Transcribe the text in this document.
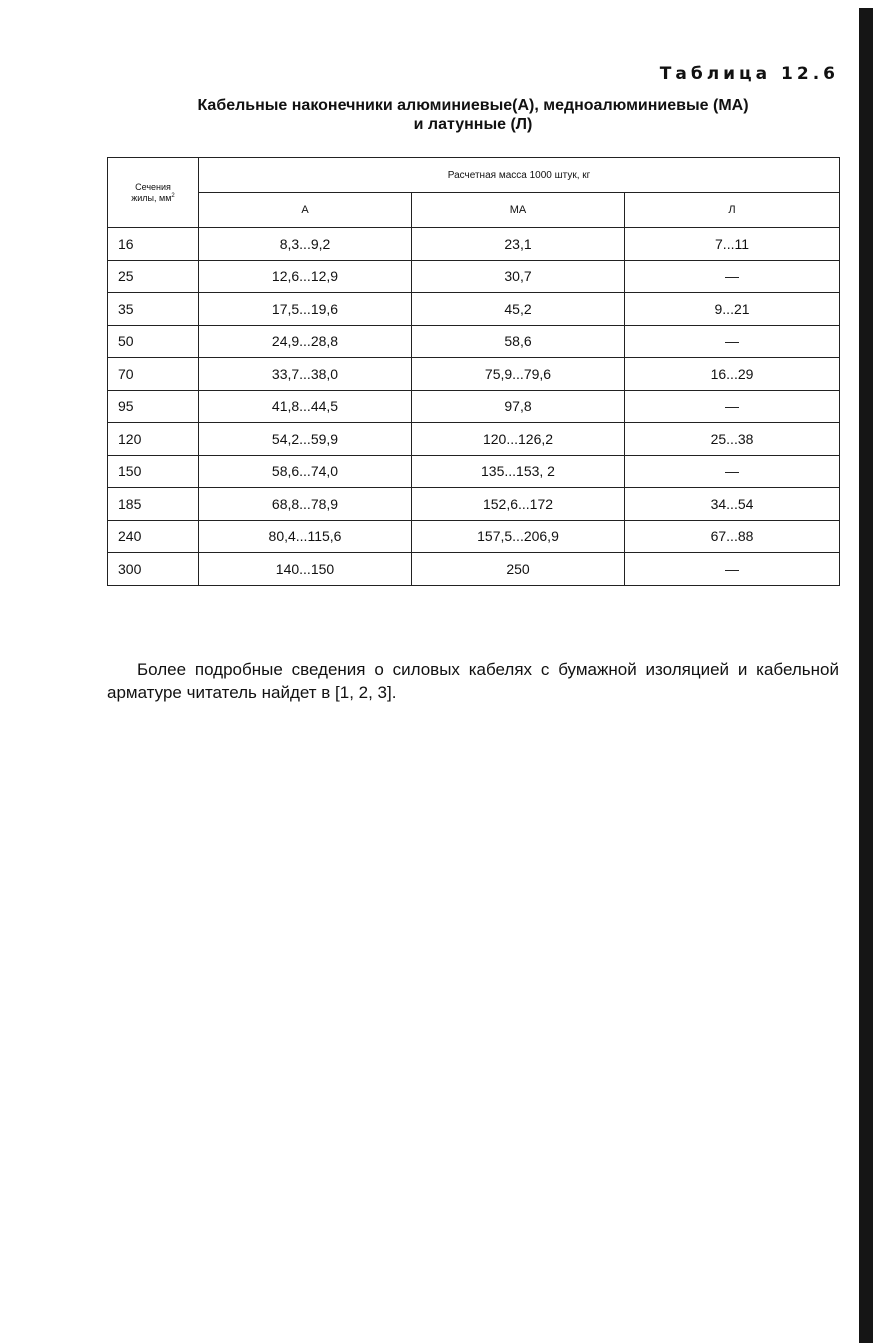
Таблица 12.6
Кабельные наконечники алюминиевые(А), медноалюминиевые (МА)
и латунные (Л)
Сечения
жилы, $мм^2$	Расчетная масса 1000 штук, кг		
	А	МА	Л
16	8,3...9,2	23,1	7...11
25	12,6...12,9	30,7	—
35	17,5...19,6	45,2	9...21
50	24,9...28,8	58,6	—
70	33,7...38,0	75,9...79,6	16...29
95	41,8...44,5	97,8	—
120	54,2...59,9	120...126,2	25...38
150	58,6...74,0	135...153, 2	—
185	68,8...78,9	152,6...172	34...54
240	80,4...115,6	157,5...206,9	67...88
300	140...150	250	—

Более подробные сведения о силовых кабелях с бумажной изоляцией и кабельной арматуре читатель найдет в [1, 2, 3].
